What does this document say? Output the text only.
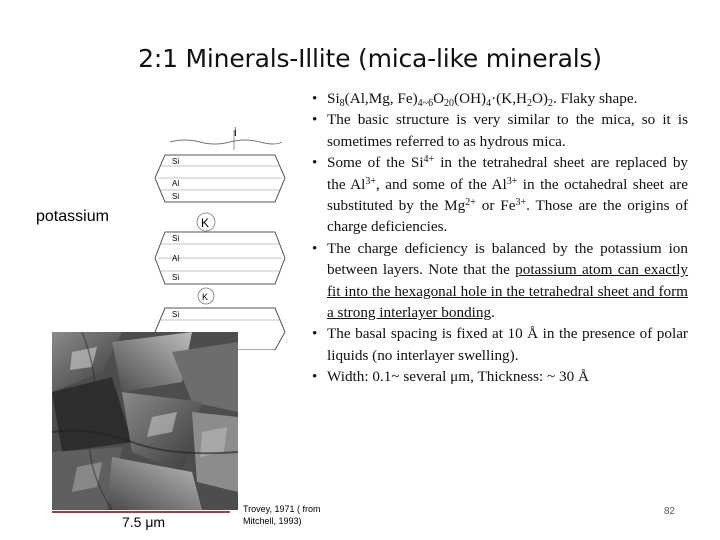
2:1 Minerals-Illite (mica-like minerals)
potassium
i
Si
Al
Si
K
Si
Al
Si
K
Si
7.5 μm
Trovey, 1971 ( from
Mitchell, 1993)
82
• $Si_8(Al,Mg$, $Fe)_{4\sim 6}O_{20}(OH)_4\cdot(K,H_2O)_2$. Flaky shape.
• The basic structure is very similar to the mica, so it is sometimes referred to as hydrous mica.
• Some of the $Si^{4+}$ in the tetrahedral sheet are replaced by the $Al^{3+}$, and some of the $Al^{3+}$ in the octahedral sheet are substituted by the $Mg^{2+}$ or $Fe^{3+}$. Those are the origins of charge deficiencies.
• The charge deficiency is balanced by the potassium ion between layers. Note that the potassium atom can exactly fit into the hexagonal hole in the tetrahedral sheet and form a strong interlayer bonding.
• The basal spacing is fixed at 10 Å in the presence of polar liquids (no interlayer swelling).
• Width: 0.1~ several μm, Thickness: ~ 30 Å
